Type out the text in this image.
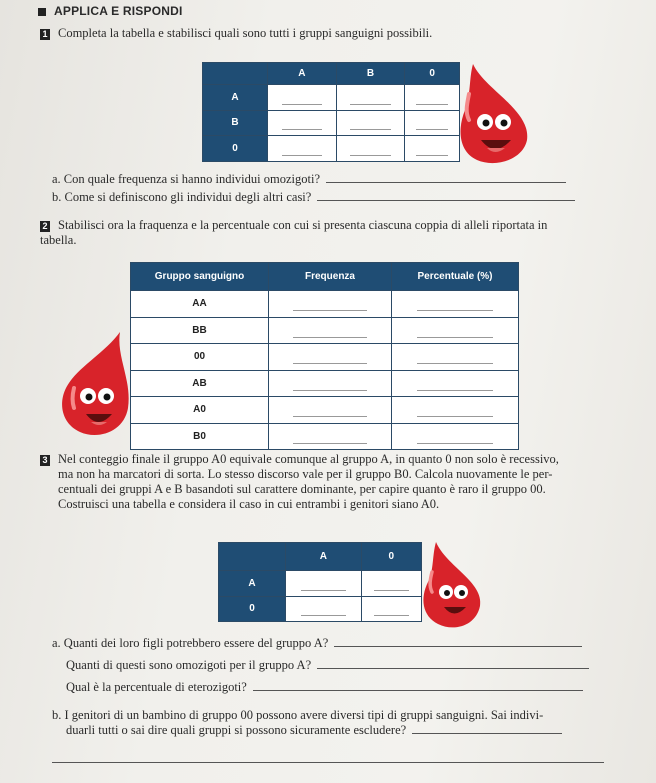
APPLICA E RISPONDI
1 Completa la tabella e stabilisci quali sono tutti i gruppi sanguigni possibili.
	A	B	0
A	

B	

0	

a. Con quale frequenza si hanno individui omozigoti?
b. Come si definiscono gli individui degli altri casi?
2 Stabilisci ora la fraquenza e la percentuale con cui si presenta ciascuna coppia di alleli riportata in
tabella.
Gruppo sanguigno	Frequenza	Percentuale (%)
AA	

BB	

00	

AB	

A0	

B0	

3 Nel conteggio finale il gruppo A0 equivale comunque al gruppo A, in quanto 0 non solo è recessivo,
ma non ha marcatori di sorta. Lo stesso discorso vale per il gruppo B0. Calcola nuovamente le per-
centuali dei gruppi A e B basandoti sul carattere dominante, per capire quanto è raro il gruppo 00.
Costruisci una tabella e considera il caso in cui entrambi i genitori siano A0.
	A	0
A	

0	

a. Quanti dei loro figli potrebbero essere del gruppo A?
Quanti di questi sono omozigoti per il gruppo A?
Qual è la percentuale di eterozigoti?
b. I genitori di un bambino di gruppo 00 possono avere diversi tipi di gruppi sanguigni. Sai indivi-
duarli tutti o sai dire quali gruppi si possono sicuramente escludere?
